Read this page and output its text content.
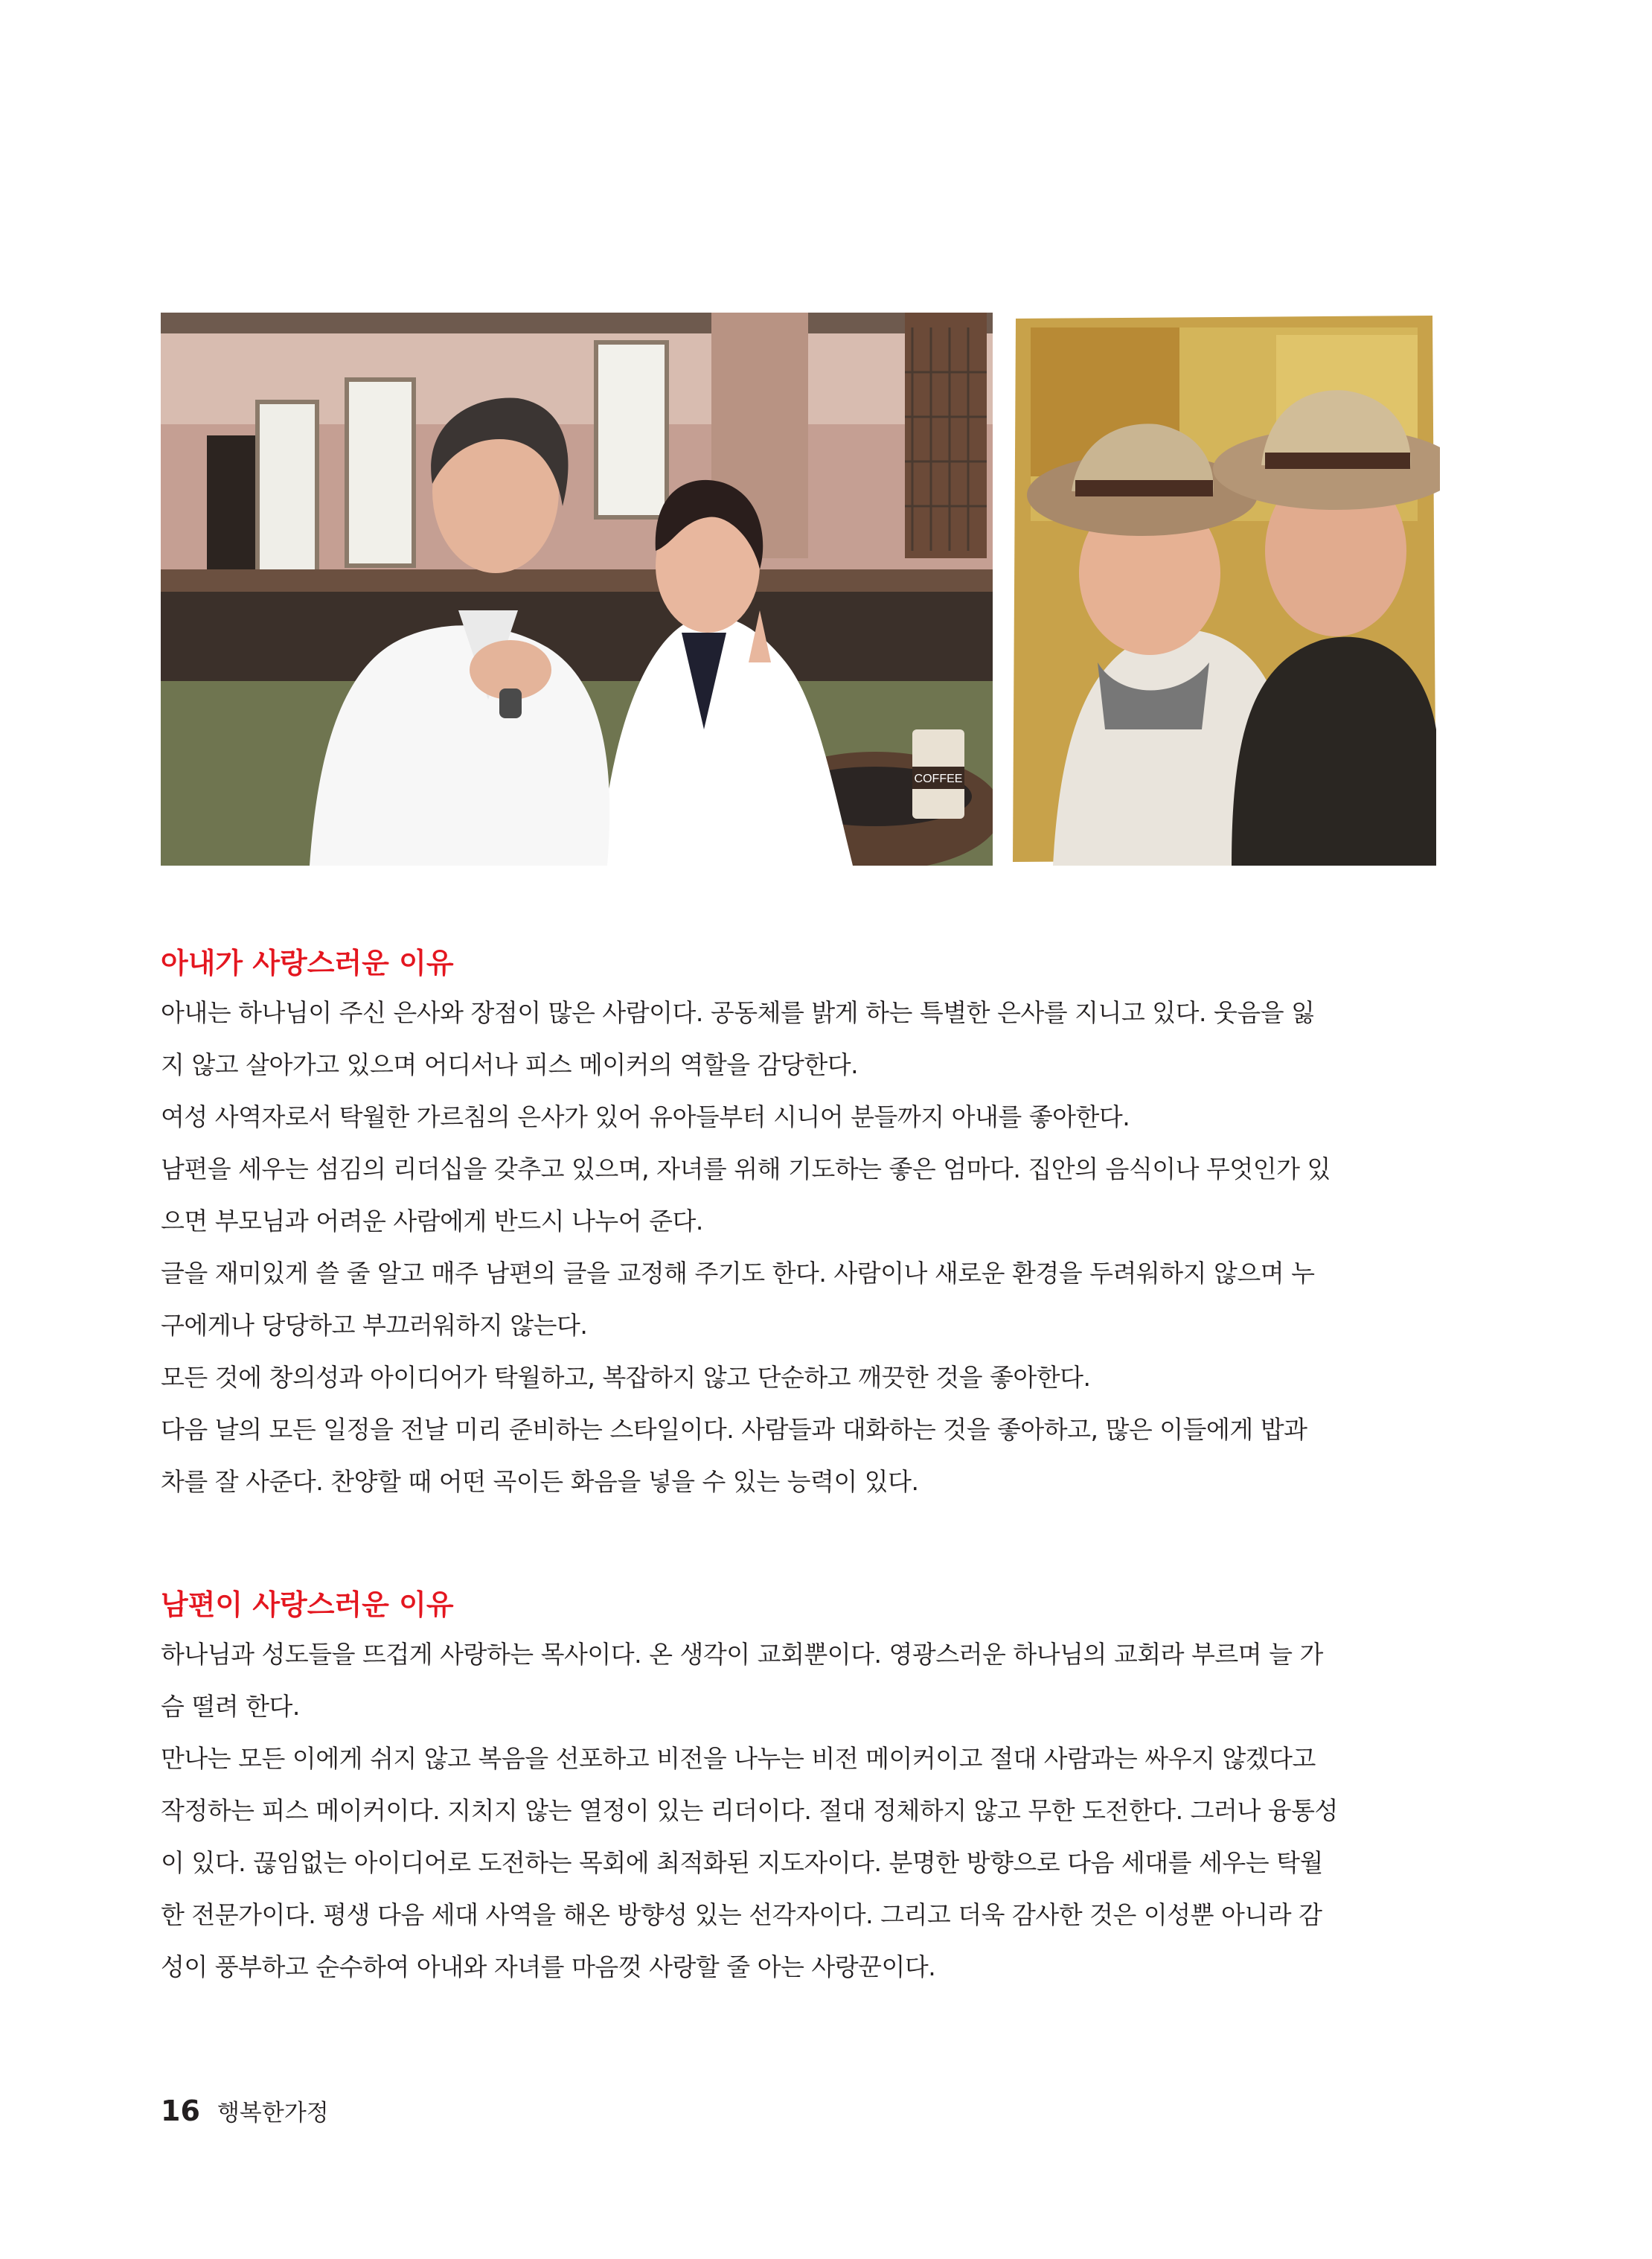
COFFEE
아내가 사랑스러운 이유
아내는 하나님이 주신 은사와 장점이 많은 사람이다. 공동체를 밝게 하는 특별한 은사를 지니고 있다. 웃음을 잃
지 않고 살아가고 있으며 어디서나 피스 메이커의 역할을 감당한다.
여성 사역자로서 탁월한 가르침의 은사가 있어 유아들부터 시니어 분들까지 아내를 좋아한다.
남편을 세우는 섬김의 리더십을 갖추고 있으며, 자녀를 위해 기도하는 좋은 엄마다. 집안의 음식이나 무엇인가 있
으면 부모님과 어려운 사람에게 반드시 나누어 준다.
글을 재미있게 쓸 줄 알고 매주 남편의 글을 교정해 주기도 한다. 사람이나 새로운 환경을 두려워하지 않으며 누
구에게나 당당하고 부끄러워하지 않는다.
모든 것에 창의성과 아이디어가 탁월하고, 복잡하지 않고 단순하고 깨끗한 것을 좋아한다.
다음 날의 모든 일정을 전날 미리 준비하는 스타일이다. 사람들과 대화하는 것을 좋아하고, 많은 이들에게 밥과
차를 잘 사준다. 찬양할 때 어떤 곡이든 화음을 넣을 수 있는 능력이 있다.
남편이 사랑스러운 이유
하나님과 성도들을 뜨겁게 사랑하는 목사이다. 온 생각이 교회뿐이다. 영광스러운 하나님의 교회라 부르며 늘 가
슴 떨려 한다.
만나는 모든 이에게 쉬지 않고 복음을 선포하고 비전을 나누는 비전 메이커이고 절대 사람과는 싸우지 않겠다고
작정하는 피스 메이커이다. 지치지 않는 열정이 있는 리더이다. 절대 정체하지 않고 무한 도전한다. 그러나 융통성
이 있다. 끊임없는 아이디어로 도전하는 목회에 최적화된 지도자이다. 분명한 방향으로 다음 세대를 세우는 탁월
한 전문가이다. 평생 다음 세대 사역을 해온 방향성 있는 선각자이다. 그리고 더욱 감사한 것은 이성뿐 아니라 감
성이 풍부하고 순수하여 아내와 자녀를 마음껏 사랑할 줄 아는 사랑꾼이다.
16 행복한가정
